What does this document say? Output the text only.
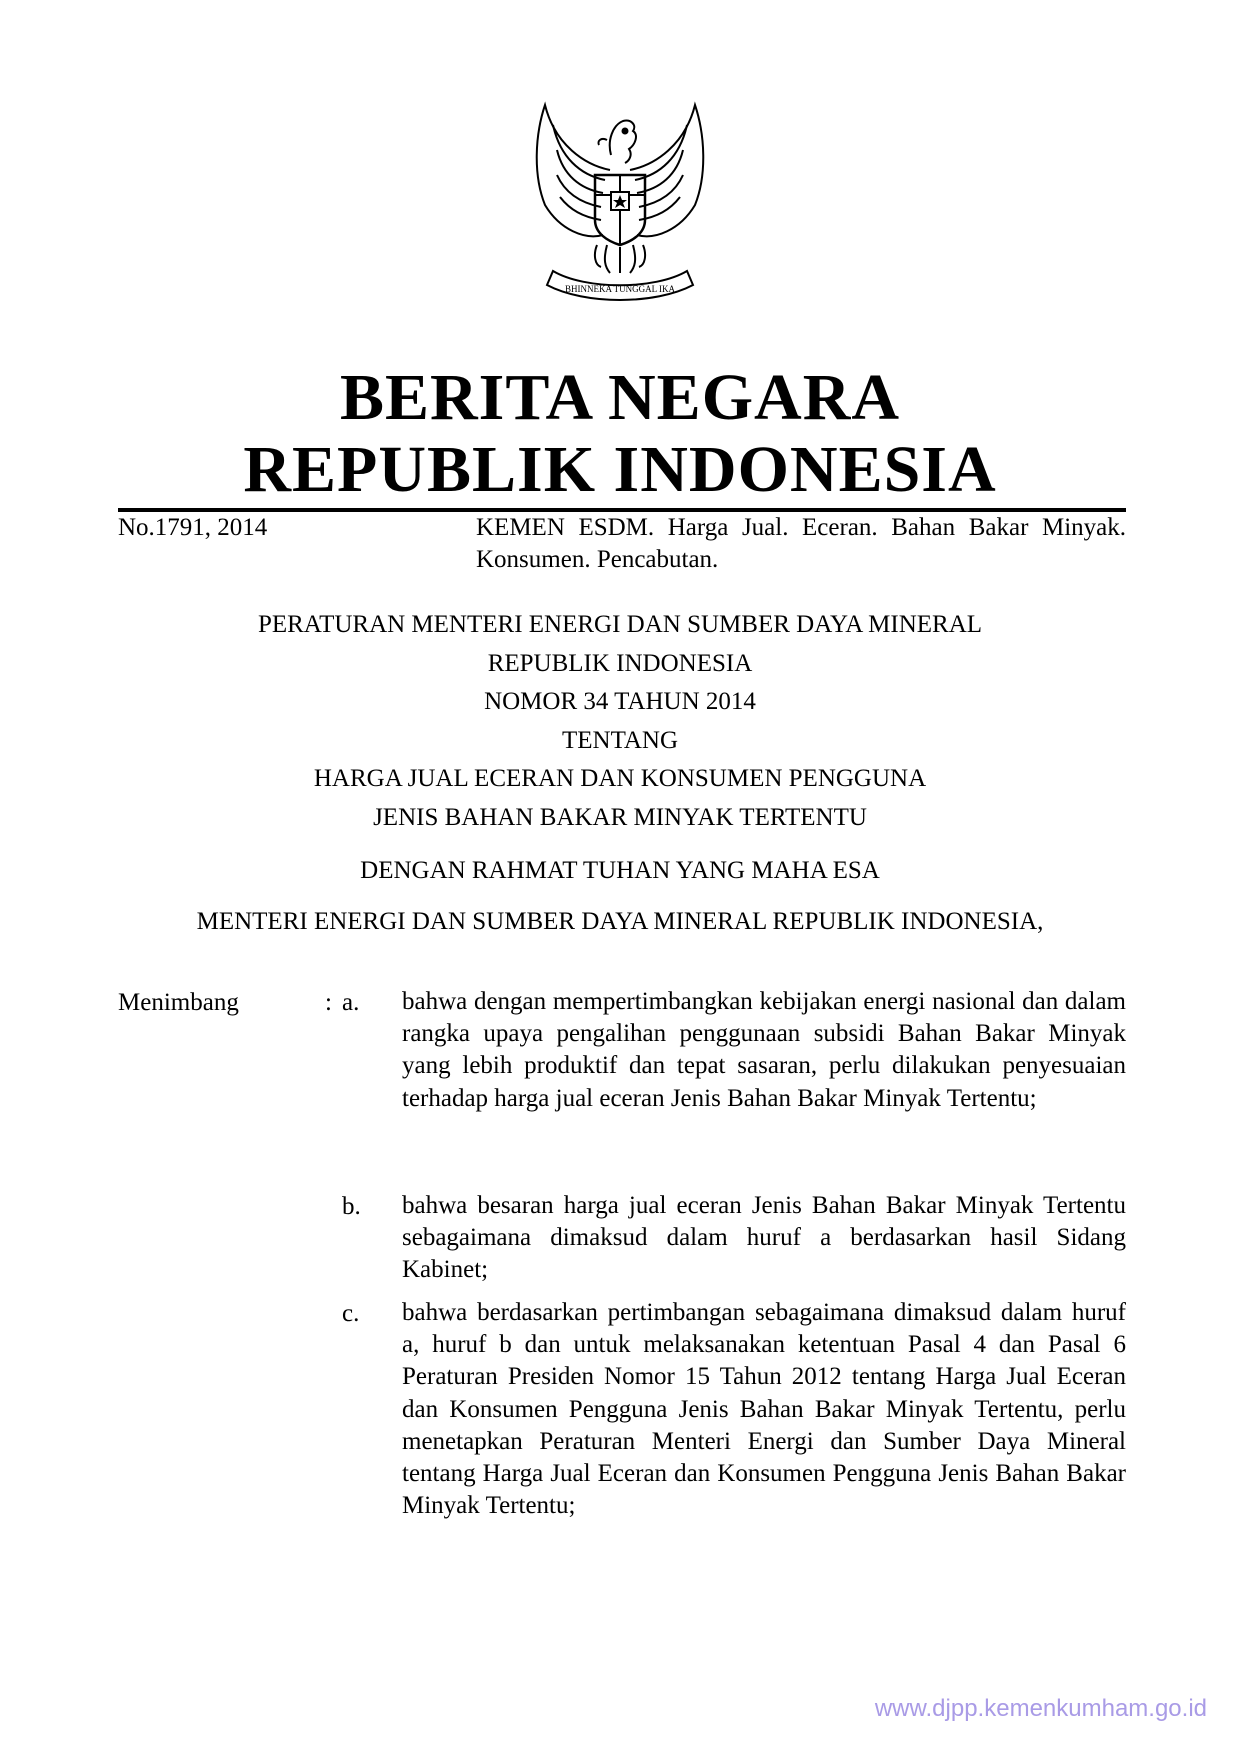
BHINNEKA TUNGGAL IKA
BERITA NEGARA
REPUBLIK INDONESIA
No.1791, 2014	KEMEN ESDM. Harga Jual. Eceran. Bahan Bakar Minyak. Konsumen. Pencabutan.
PERATURAN MENTERI ENERGI DAN SUMBER DAYA MINERAL
REPUBLIK INDONESIA
NOMOR 34 TAHUN 2014
TENTANG
HARGA JUAL ECERAN DAN KONSUMEN PENGGUNA
JENIS BAHAN BAKAR MINYAK TERTENTU
DENGAN RAHMAT TUHAN YANG MAHA ESA
MENTERI ENERGI DAN SUMBER DAYA MINERAL REPUBLIK INDONESIA,
Menimbang	: a. bahwa dengan mempertimbangkan kebijakan energi nasional dan dalam rangka upaya pengalihan penggunaan subsidi Bahan Bakar Minyak yang lebih produktif dan tepat sasaran, perlu dilakukan penyesuaian terhadap harga jual eceran Jenis Bahan Bakar Minyak Tertentu;
b. bahwa besaran harga jual eceran Jenis Bahan Bakar Minyak Tertentu sebagaimana dimaksud dalam huruf a berdasarkan hasil Sidang Kabinet;
c. bahwa berdasarkan pertimbangan sebagaimana dimaksud dalam huruf a, huruf b dan untuk melaksanakan ketentuan Pasal 4 dan Pasal 6 Peraturan Presiden Nomor 15 Tahun 2012 tentang Harga Jual Eceran dan Konsumen Pengguna Jenis Bahan Bakar Minyak Tertentu, perlu menetapkan Peraturan Menteri Energi dan Sumber Daya Mineral tentang Harga Jual Eceran dan Konsumen Pengguna Jenis Bahan Bakar Minyak Tertentu;
www.djpp.kemenkumham.go.id
